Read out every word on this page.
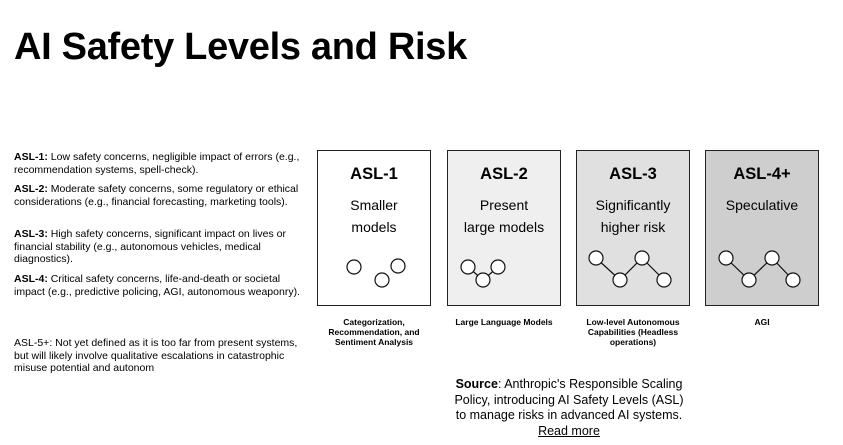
AI Safety Levels and Risk
ASL-1: Low safety concerns, negligible impact of errors (e.g., recommendation systems, spell-check).
ASL-2: Moderate safety concerns, some regulatory or ethical considerations (e.g., financial forecasting, marketing tools).
ASL-3: High safety concerns, significant impact on lives or financial stability (e.g., autonomous vehicles, medical diagnostics).
ASL-4: Critical safety concerns, life-and-death or societal impact (e.g., predictive policing, AGI, autonomous weaponry).
ASL-5+: Not yet defined as it is too far from present systems, but will likely involve qualitative escalations in catastrophic misuse potential and autonom
ASL-1
Smaller
models
ASL-2
Present
large models
ASL-3
Significantly
higher risk
ASL-4+
Speculative
Categorization, Recommendation, and Sentiment Analysis
Large Language Models	Low-level Autonomous Capabilities (Headless operations)
AGI
Source: Anthropic's Responsible Scaling Policy, introducing AI Safety Levels (ASL) to manage risks in advanced AI systems.
Read more
